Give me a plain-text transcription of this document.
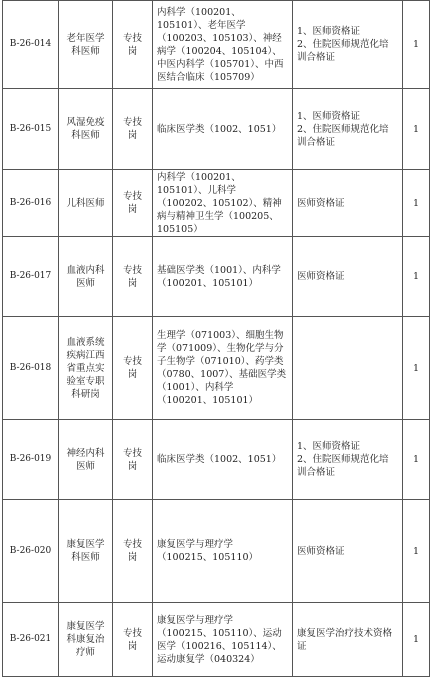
B-26-014	老年医学科医师	专技岗	内科学（100201、105101）、老年医学（100203、105103）、神经病学（100204、105104）、中医内科学（105701）、中西医结合临床（105709）	1、医师资格证
2、住院医师规范化培训合格证	1
B-26-015	风湿免疫科医师	专技岗	临床医学类（1002、1051）	1、医师资格证
2、住院医师规范化培训合格证	1
B-26-016	儿科医师	专技岗	内科学（100201、105101）、儿科学（100202、105102）、精神病与精神卫生学（100205、105105）	医师资格证	1
B-26-017	血液内科医师	专技岗	基础医学类（1001）、内科学（100201、105101）	医师资格证	1
B-26-018	血液系统疾病江西省重点实验室专职科研岗	专技岗	生理学（071003）、细胞生物学（071009）、生物化学与分子生物学（071010）、药学类（0780、1007）、基础医学类（1001）、内科学（100201、105101）		1
B-26-019	神经内科医师	专技岗	临床医学类（1002、1051）	1、医师资格证
2、住院医师规范化培训合格证	1
B-26-020	康复医学科医师	专技岗	康复医学与理疗学（100215、105110）	医师资格证	1
B-26-021	康复医学科康复治疗师	专技岗	康复医学与理疗学（100215、105110）、运动医学（100216、105114）、运动康复学（040324）	康复医学治疗技术资格证	1
